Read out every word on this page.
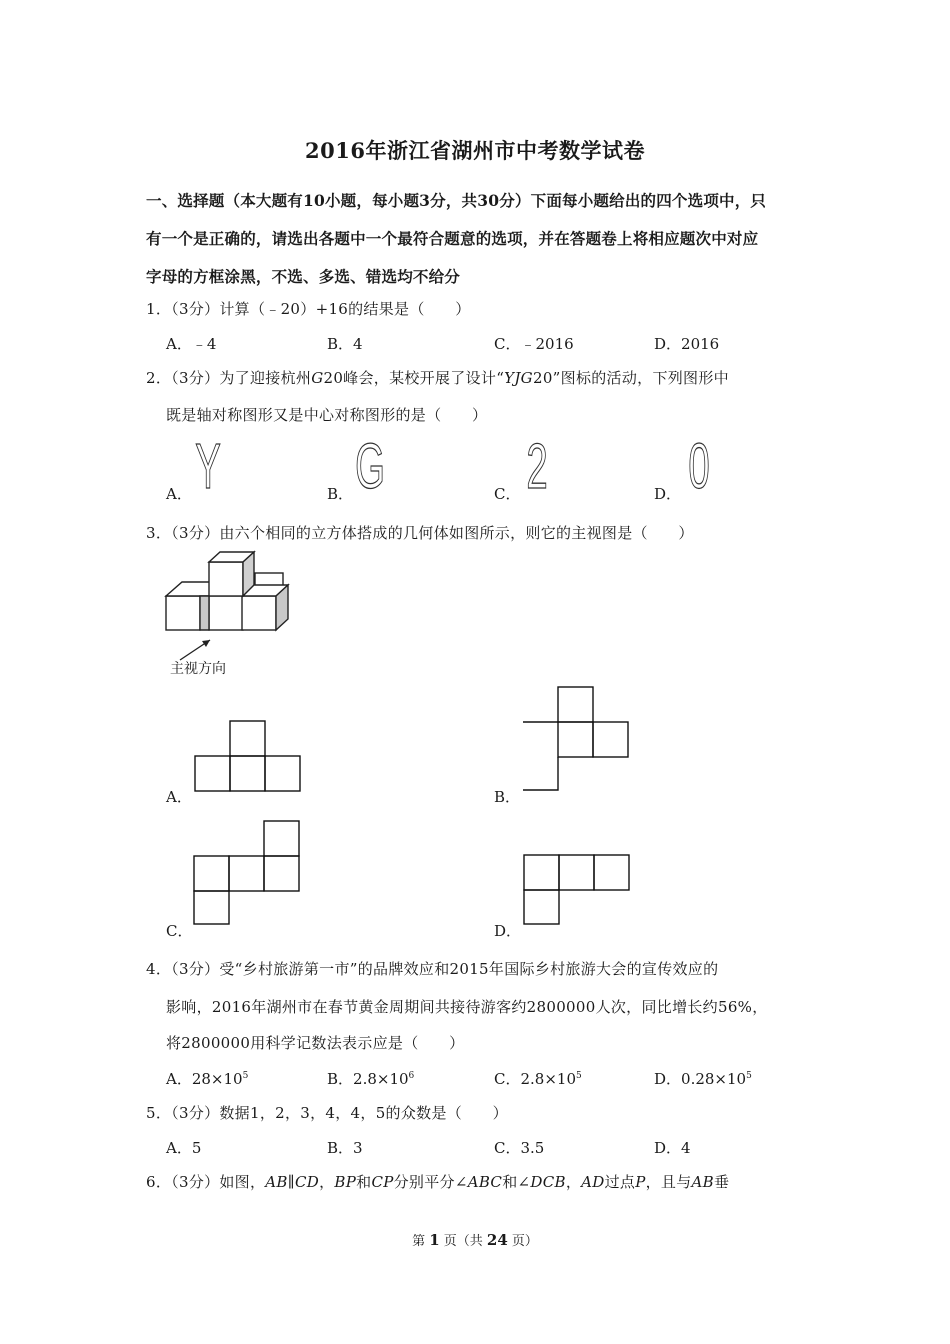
2016年浙江省湖州市中考数学试卷
一、选择题（本大题有10小题，每小题3分，共30分）下面每小题给出的四个选项中，只
有一个是正确的，请选出各题中一个最符合题意的选项，并在答题卷上将相应题次中对应
字母的方框涂黑，不选、多选、错选均不给分
1．（3分）计算（﹣20）+16的结果是（　　）
A．﹣4	B．4	C．﹣2016	D．2016
2．（3分）为了迎接杭州G20峰会，某校开展了设计“YJG20”图标的活动，下列图形中
既是轴对称图形又是中心对称图形的是（　　）
A． Y	B． G	C． 2	D． 0
3．（3分）由六个相同的立方体搭成的几何体如图所示，则它的主视图是（　　）
主视方向
A．	B．
C．	D．
4．（3分）受“乡村旅游第一市”的品牌效应和2015年国际乡村旅游大会的宣传效应的
影响，2016年湖州市在春节黄金周期间共接待游客约2800000人次，同比增长约56%，
将2800000用科学记数法表示应是（　　）
A．$28\times 10^5$	B．$2.8\times 10^6$	C．$2.8\times 10^5$	D．$0.28\times 10^5$
5．（3分）数据1，2，3，4，4，5的众数是（　　）
A．5	B．3	C．3.5	D．4
6．（3分）如图，AB∥CD，BP和CP分别平分∠ABC和∠DCB，AD过点P，且与AB垂
第 1 页（共 24 页）
